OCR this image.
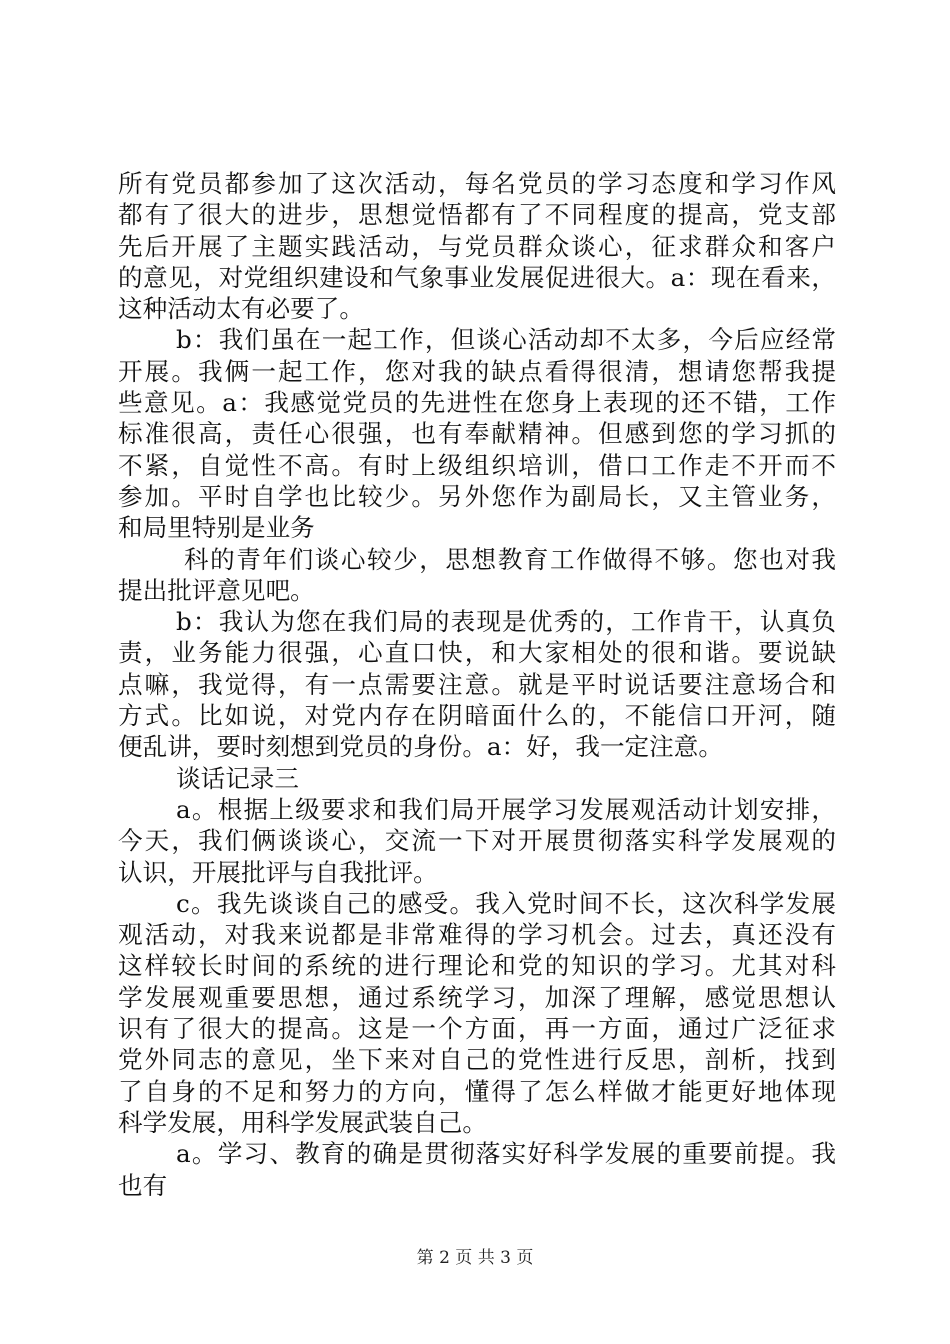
所有党员都参加了这次活动，每名党员的学习态度和学习作风
都有了很大的进步，思想觉悟都有了不同程度的提高，党支部
先后开展了主题实践活动，与党员群众谈心，征求群众和客户
的意见，对党组织建设和气象事业发展促进很大。a：现在看来，
这种活动太有必要了。
b：我们虽在一起工作，但谈心活动却不太多，今后应经常
开展。我俩一起工作，您对我的缺点看得很清，想请您帮我提
些意见。a：我感觉党员的先进性在您身上表现的还不错，工作
标准很高，责任心很强，也有奉献精神。但感到您的学习抓的
不紧，自觉性不高。有时上级组织培训，借口工作走不开而不
参加。平时自学也比较少。另外您作为副局长，又主管业务，
和局里特别是业务
科的青年们谈心较少，思想教育工作做得不够。您也对我
提出批评意见吧。
b：我认为您在我们局的表现是优秀的，工作肯干，认真负
责，业务能力很强，心直口快，和大家相处的很和谐。要说缺
点嘛，我觉得，有一点需要注意。就是平时说话要注意场合和
方式。比如说，对党内存在阴暗面什么的，不能信口开河，随
便乱讲，要时刻想到党员的身份。a：好，我一定注意。
谈话记录三
a。根据上级要求和我们局开展学习发展观活动计划安排，
今天，我们俩谈谈心，交流一下对开展贯彻落实科学发展观的
认识，开展批评与自我批评。
c。我先谈谈自己的感受。我入党时间不长，这次科学发展
观活动，对我来说都是非常难得的学习机会。过去，真还没有
这样较长时间的系统的进行理论和党的知识的学习。尤其对科
学发展观重要思想，通过系统学习，加深了理解，感觉思想认
识有了很大的提高。这是一个方面，再一方面，通过广泛征求
党外同志的意见，坐下来对自己的党性进行反思，剖析，找到
了自身的不足和努力的方向，懂得了怎么样做才能更好地体现
科学发展，用科学发展武装自己。
a。学习、教育的确是贯彻落实好科学发展的重要前提。我
也有
第 2 页 共 3 页
